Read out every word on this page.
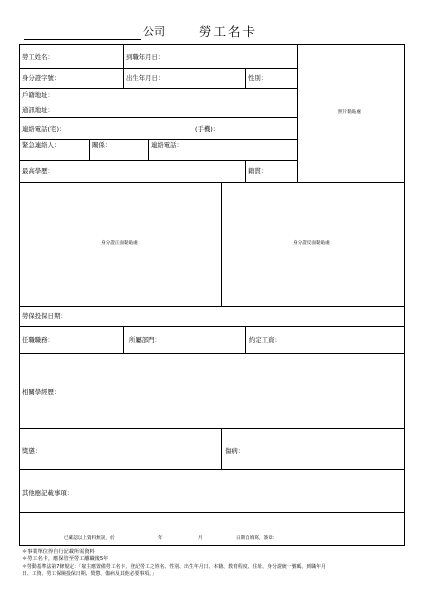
公司	勞工名卡
勞工姓名：	到職年月日：
身分證字號：	出生年月日：	性別：
戶籍地址：
通訊地址：
連絡電話(宅)：	(手機)：
緊急連絡人：	關係：	連絡電話：
最高學歷：	籍貫：
照片黏貼處
身分證正面黏貼處	身分證反面黏貼處
勞保投保日期：
任職職務：	所屬部門：	約定工資：
相關學經歷：
獎懲：	傷病：
其他應記載事項：
已確認以上資料無誤，於	年	月	日期自填寫，簽章：
＊事業單位得自行記載所需資料
＊勞工名卡，應保管至勞工離職後5年
＊勞動基準法第7條規定：「雇主應置備勞工名卡，登記勞工之姓名、性別、出生年月日、本籍、教育程度、住址、身分證統一號碼、到職年月
日、工資、勞工保險投保日期、獎懲、傷病及其他必要事項。」
